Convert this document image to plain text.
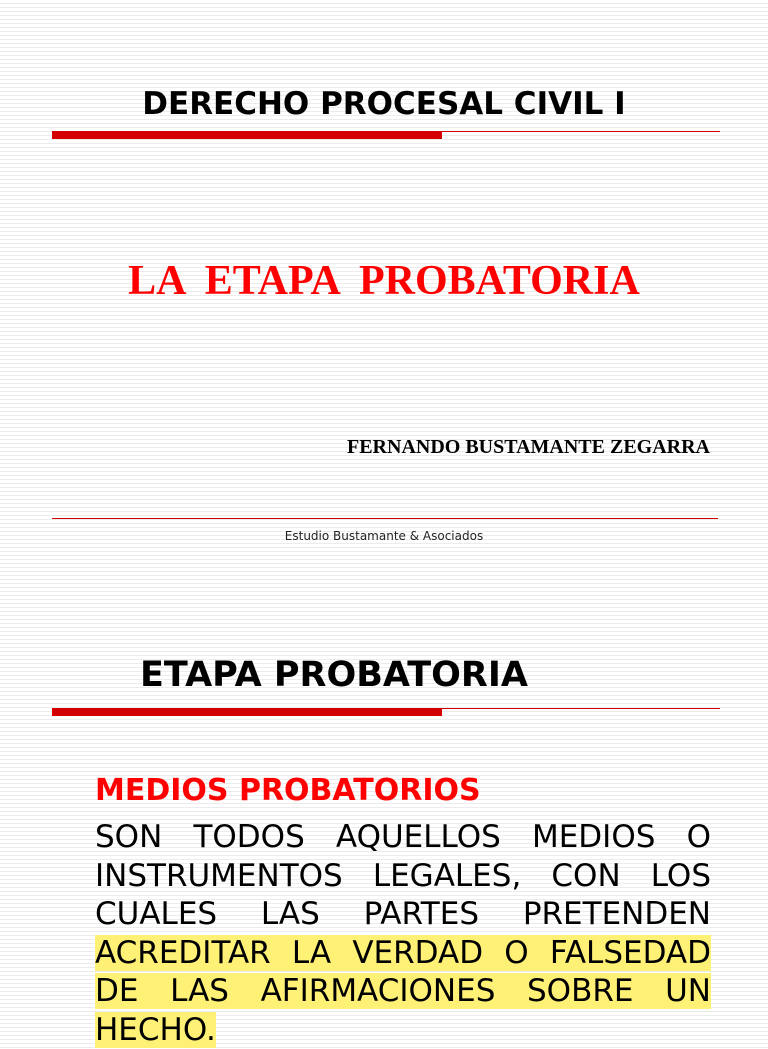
DERECHO PROCESAL CIVIL I
LA ETAPA PROBATORIA
FERNANDO BUSTAMANTE ZEGARRA
Estudio Bustamante & Asociados
ETAPA PROBATORIA
MEDIOS PROBATORIOS

SON TODOS AQUELLOS MEDIOS O
INSTRUMENTOS LEGALES, CON LOS
CUALES LAS PARTES PRETENDEN
ACREDITAR LA VERDAD O FALSEDAD
DE LAS AFIRMACIONES SOBRE UN
HECHO.
